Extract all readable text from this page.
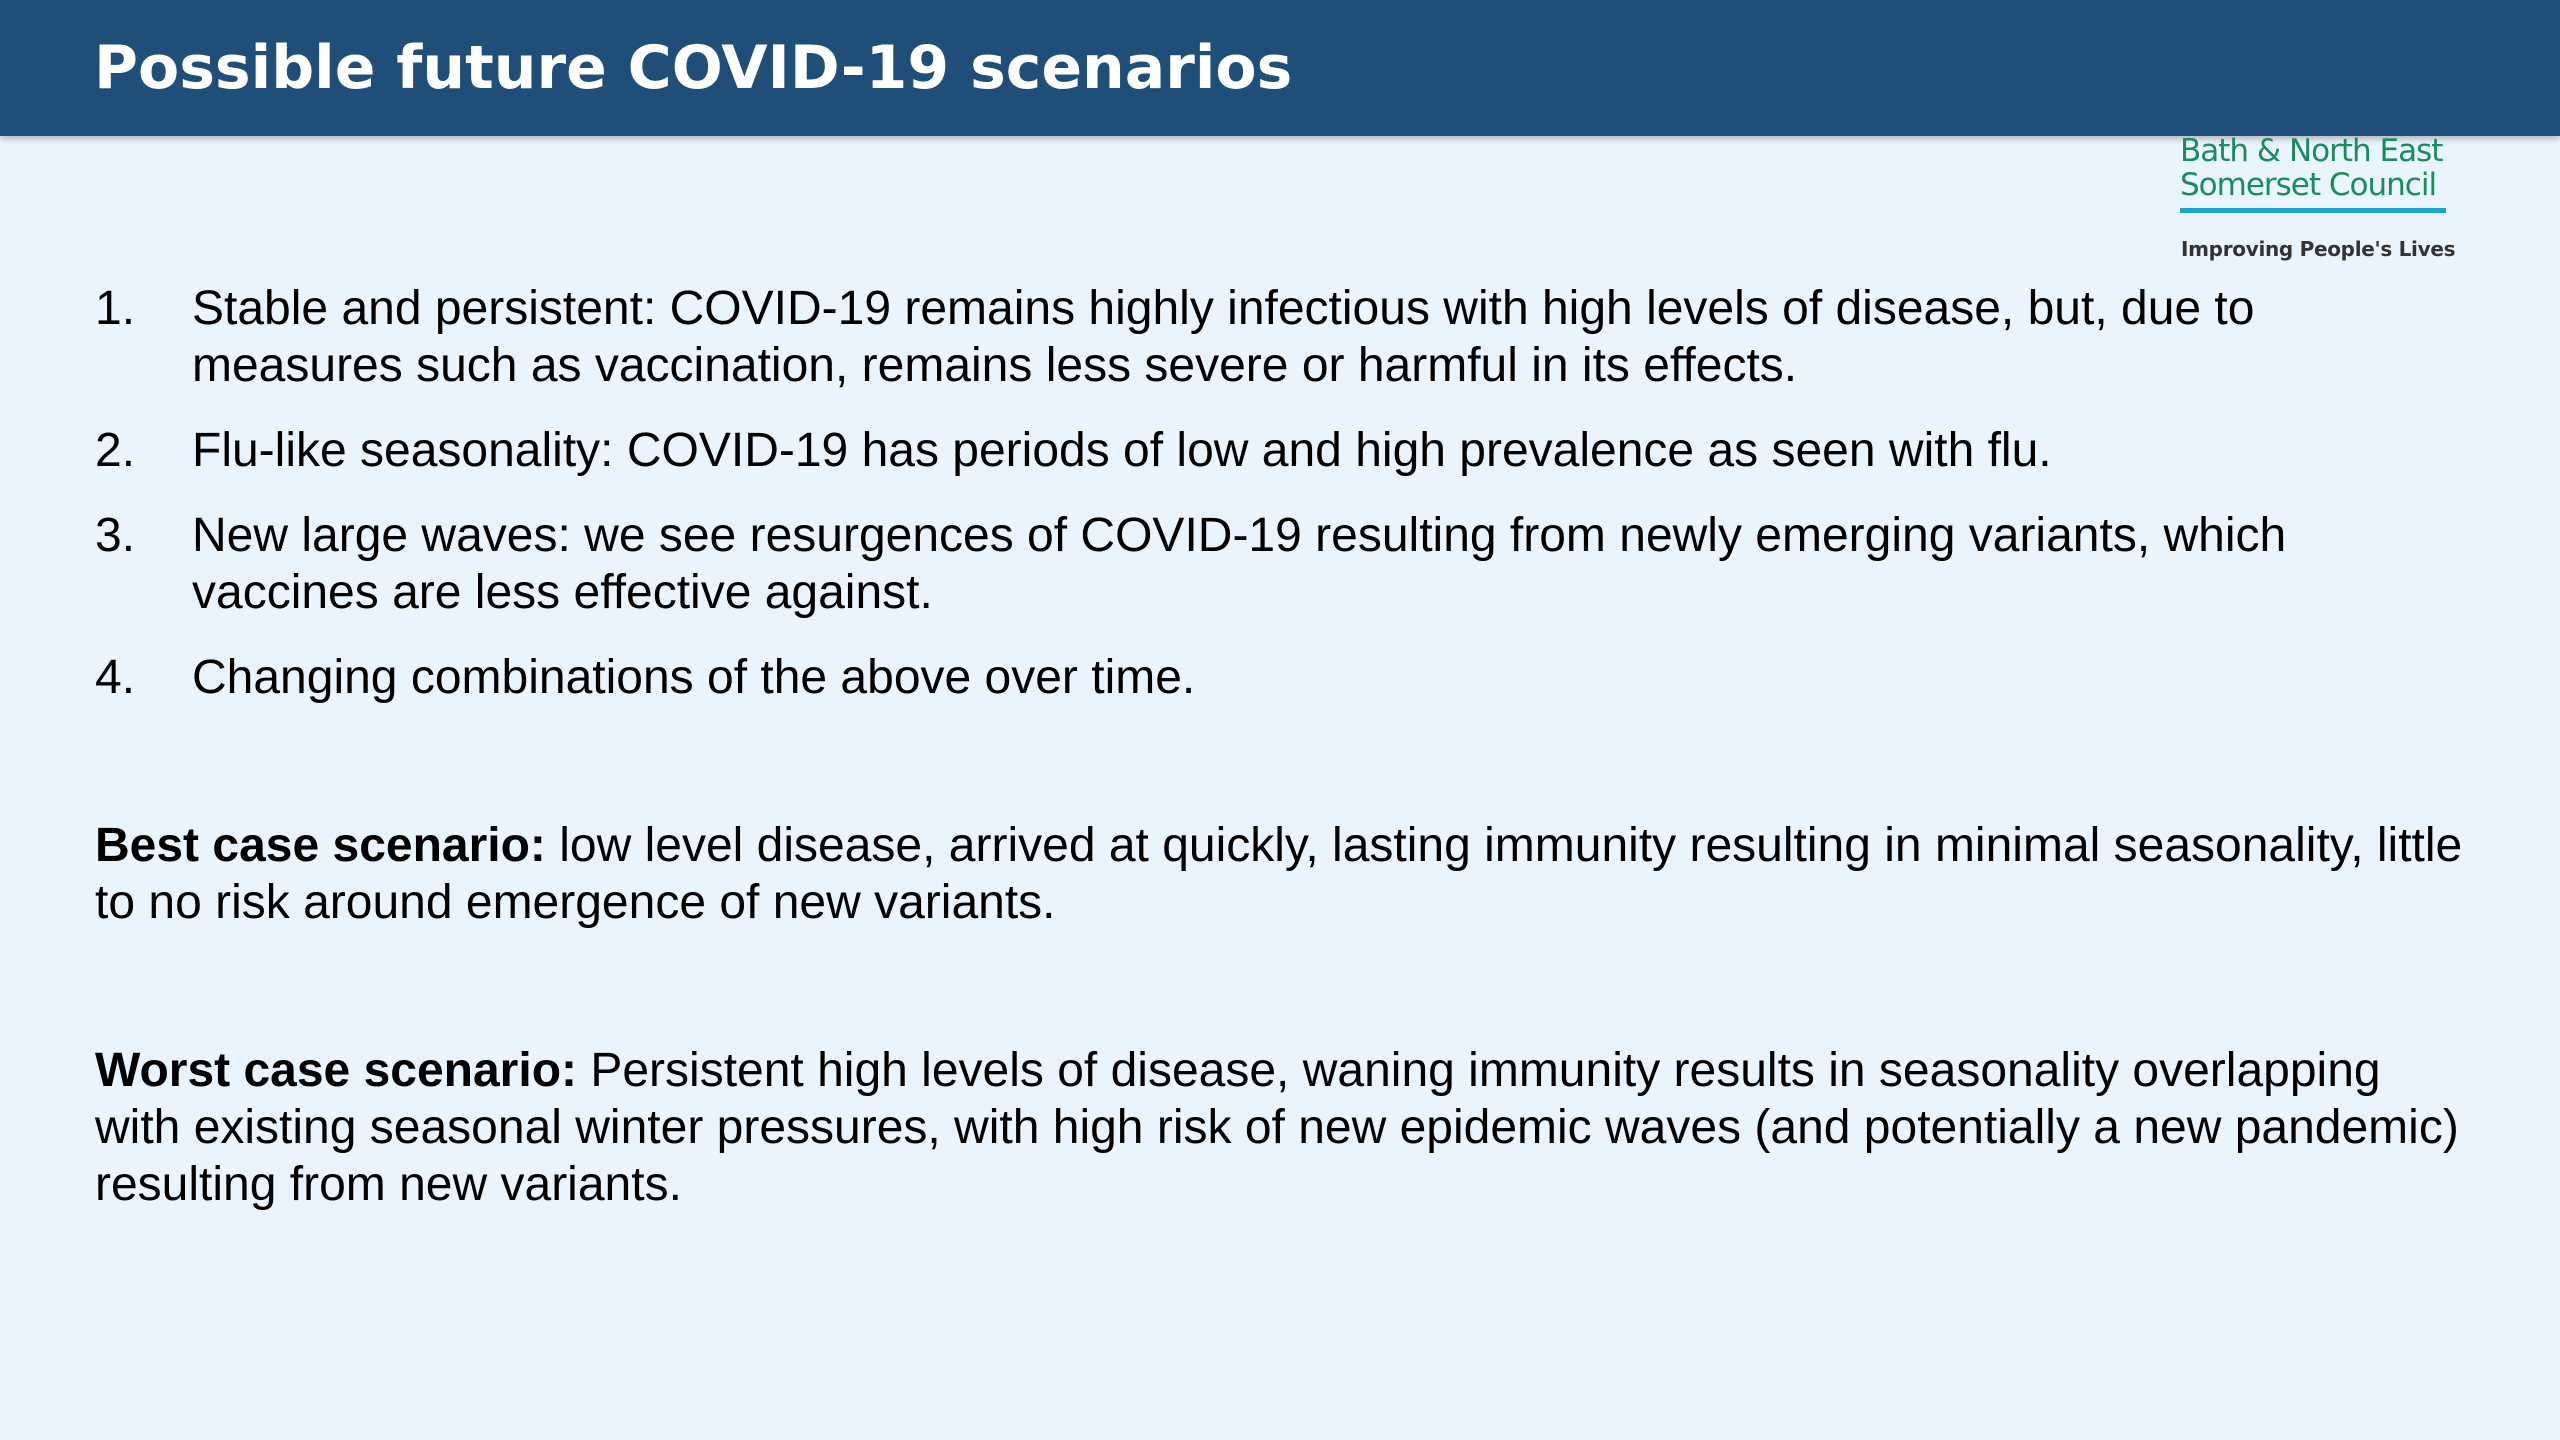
Possible future COVID-19 scenarios
Bath & North East
Somerset Council
Improving People's Lives
1. Stable and persistent: COVID-19 remains highly infectious with high levels of disease, but, due to measures such as vaccination, remains less severe or harmful in its effects.
2. Flu-like seasonality: COVID-19 has periods of low and high prevalence as seen with flu.
3. New large waves: we see resurgences of COVID-19 resulting from newly emerging variants, which vaccines are less effective against.
4. Changing combinations of the above over time.

Best case scenario: low level disease, arrived at quickly, lasting immunity resulting in minimal seasonality, little to no risk around emergence of new variants.

Worst case scenario: Persistent high levels of disease, waning immunity results in seasonality overlapping with existing seasonal winter pressures, with high risk of new epidemic waves (and potentially a new pandemic) resulting from new variants.
